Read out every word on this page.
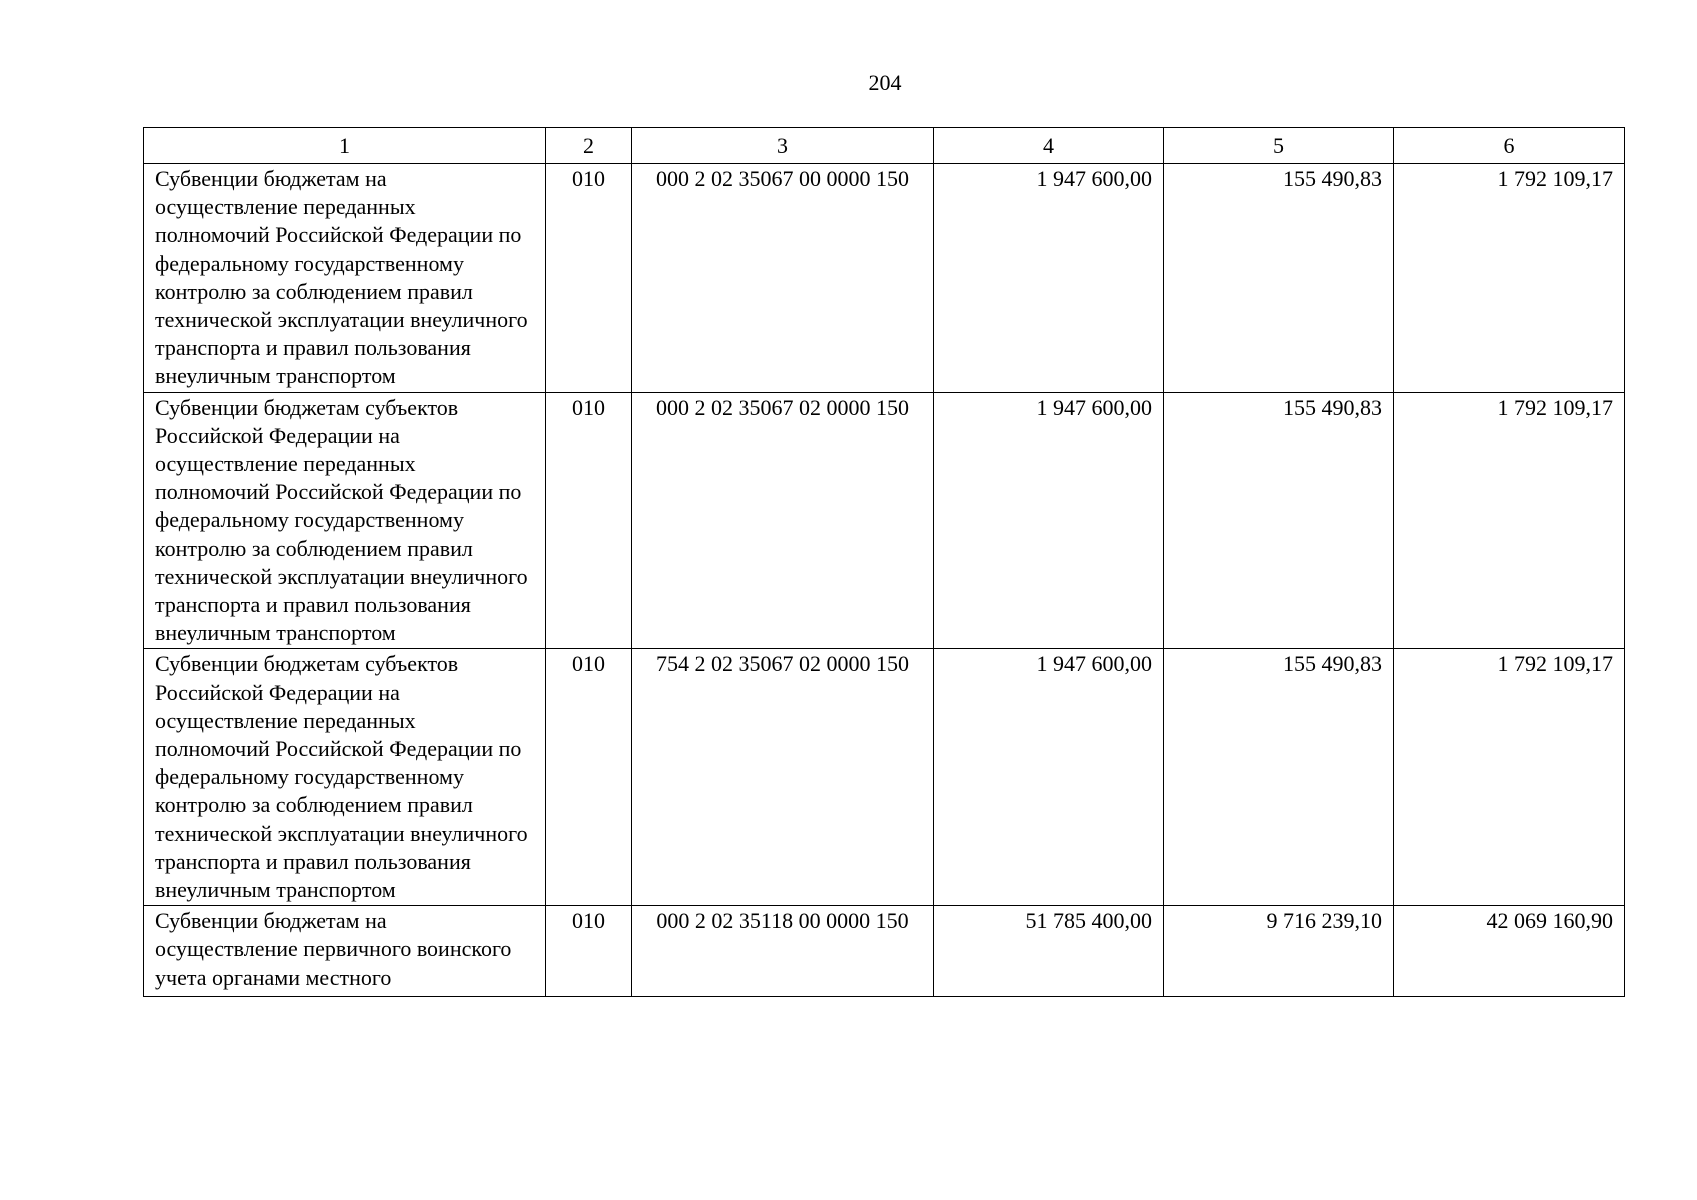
204
1	2	3	4	5	6
Субвенции бюджетам на осуществление переданных полномочий Российской Федерации по федеральному государственному контролю за соблюдением правил технической эксплуатации внеуличного транспорта и правил пользования внеуличным транспортом	010	000 2 02 35067 00 0000 150	1 947 600,00	155 490,83	1 792 109,17
Субвенции бюджетам субъектов Российской Федерации на осуществление переданных полномочий Российской Федерации по федеральному государственному контролю за соблюдением правил технической эксплуатации внеуличного транспорта и правил пользования внеуличным транспортом	010	000 2 02 35067 02 0000 150	1 947 600,00	155 490,83	1 792 109,17
Субвенции бюджетам субъектов Российской Федерации на осуществление переданных полномочий Российской Федерации по федеральному государственному контролю за соблюдением правил технической эксплуатации внеуличного транспорта и правил пользования внеуличным транспортом	010	754 2 02 35067 02 0000 150	1 947 600,00	155 490,83	1 792 109,17
Субвенции бюджетам на осуществление первичного воинского учета органами местного	010	000 2 02 35118 00 0000 150	51 785 400,00	9 716 239,10	42 069 160,90
